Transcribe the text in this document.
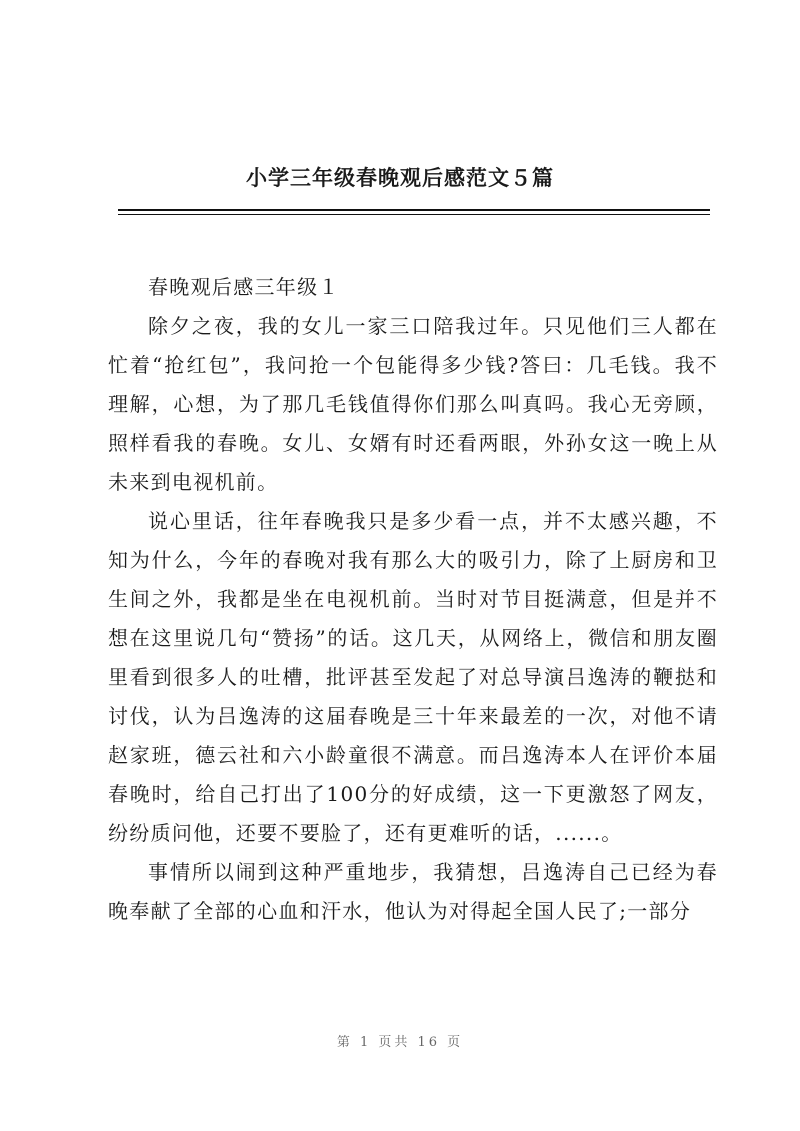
小学三年级春晚观后感范文５篇

春晚观后感三年级１

除夕之夜，我的女儿一家三口陪我过年。只见他们三人都在忙着“抢红包”，我问抢一个包能得多少钱?答曰：几毛钱。我不理解，心想，为了那几毛钱值得你们那么叫真吗。我心无旁顾，照样看我的春晚。女儿、女婿有时还看两眼，外孙女这一晚上从未来到电视机前。

说心里话，往年春晚我只是多少看一点，并不太感兴趣，不知为什么，今年的春晚对我有那么大的吸引力，除了上厨房和卫生间之外，我都是坐在电视机前。当时对节目挺满意，但是并不想在这里说几句“赞扬”的话。这几天，从网络上，微信和朋友圈里看到很多人的吐槽，批评甚至发起了对总导演吕逸涛的鞭挞和讨伐，认为吕逸涛的这届春晚是三十年来最差的一次，对他不请赵家班，德云社和六小龄童很不满意。而吕逸涛本人在评价本届春晚时，给自己打出了100分的好成绩，这一下更激怒了网友，纷纷质问他，还要不要脸了，还有更难听的话，......。

事情所以闹到这种严重地步，我猜想，吕逸涛自己已经为春晚奉献了全部的心血和汗水，他认为对得起全国人民了;一部分

第 1 页共 16 页
